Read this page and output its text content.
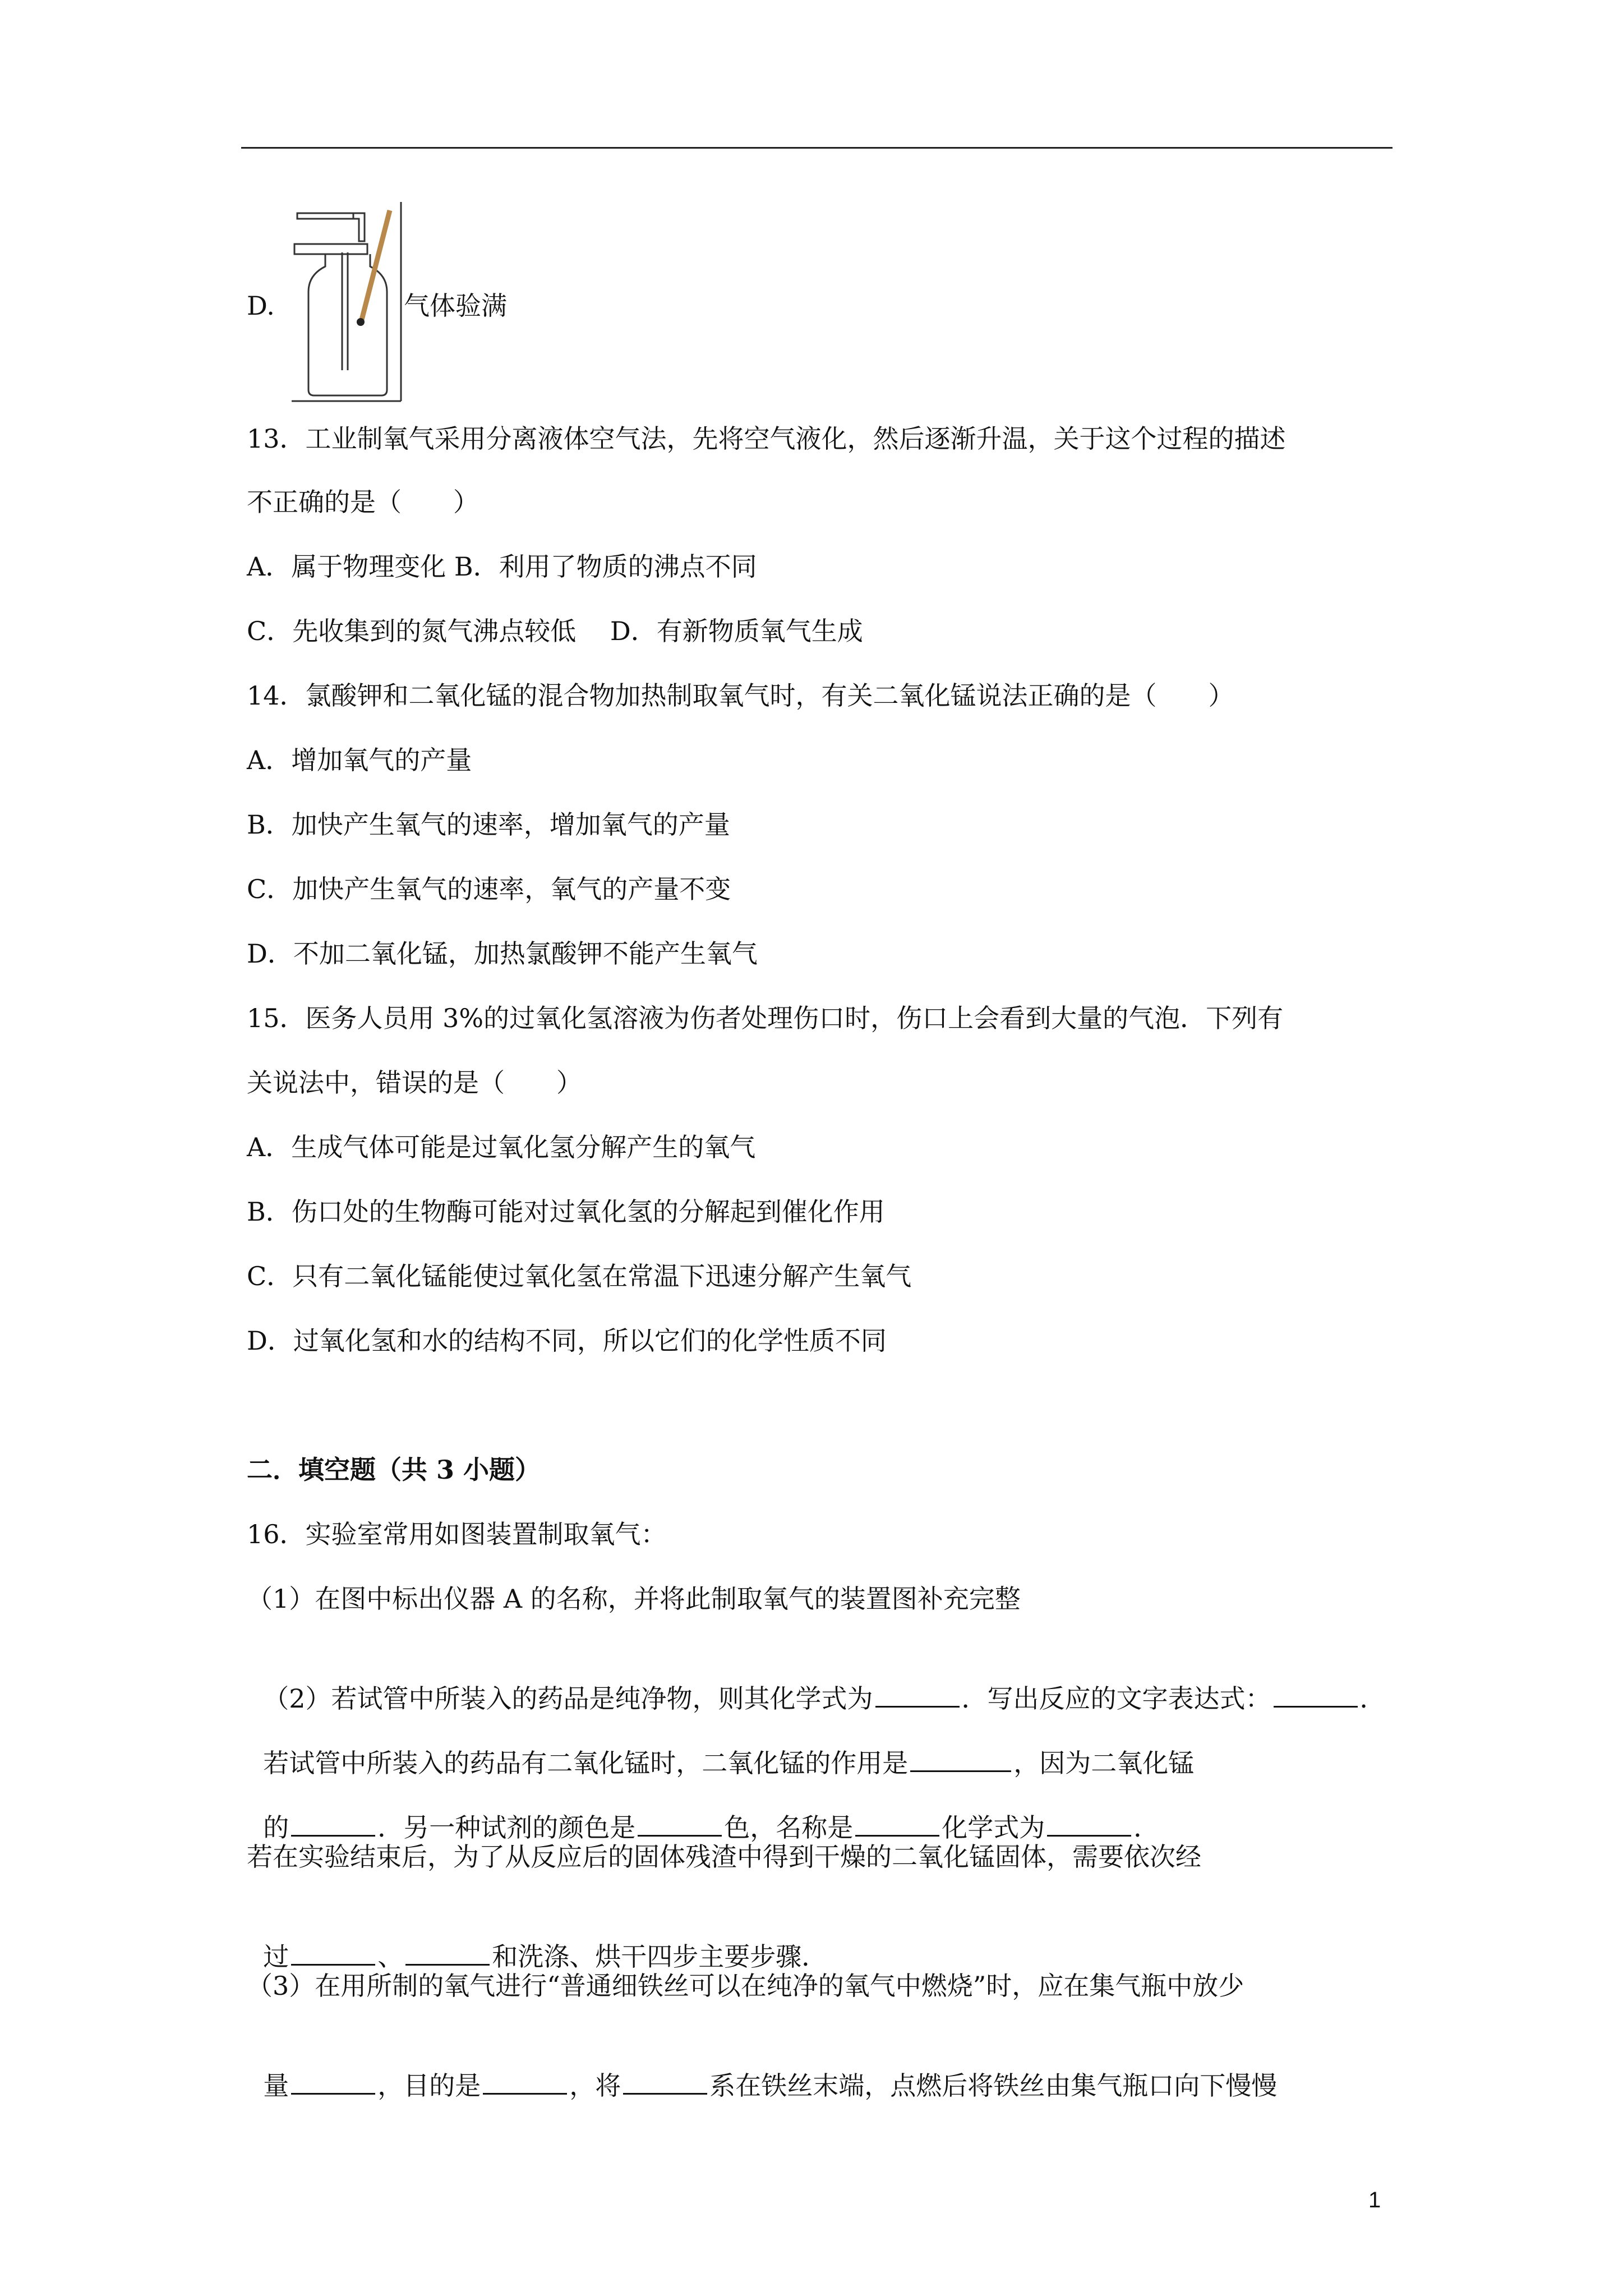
D.	气体验满
13．工业制氧气采用分离液体空气法，先将空气液化，然后逐渐升温，关于这个过程的描述
不正确的是（　　）
A．属于物理变化 B．利用了物质的沸点不同
C．先收集到的氮气沸点较低　 D．有新物质氧气生成
14．氯酸钾和二氧化锰的混合物加热制取氧气时，有关二氧化锰说法正确的是（　　）
A．增加氧气的产量
B．加快产生氧气的速率，增加氧气的产量
C．加快产生氧气的速率，氧气的产量不变
D．不加二氧化锰，加热氯酸钾不能产生氧气
15．医务人员用 3%的过氧化氢溶液为伤者处理伤口时，伤口上会看到大量的气泡．下列有
关说法中，错误的是（　　）
A．生成气体可能是过氧化氢分解产生的氧气
B．伤口处的生物酶可能对过氧化氢的分解起到催化作用
C．只有二氧化锰能使过氧化氢在常温下迅速分解产生氧气
D．过氧化氢和水的结构不同，所以它们的化学性质不同
二．填空题（共 3 小题）
16．实验室常用如图装置制取氧气：
（1）在图中标出仪器 A 的名称，并将此制取氧气的装置图补充完整

（2）若试管中所装入的药品是纯净物，则其化学式为	．写出反应的文字表达式：	．

若试管中所装入的药品有二氧化锰时，二氧化锰的作用是	，因为二氧化锰

的	．另一种试剂的颜色是	色，名称是	化学式为	．

若在实验结束后，为了从反应后的固体残渣中得到干燥的二氧化锰固体，需要依次经

过	、	和洗涤、烘干四步主要步骤．

（3）在用所制的氧气进行“普通细铁丝可以在纯净的氧气中燃烧”时，应在集气瓶中放少

量	，目的是	，将	系在铁丝末端，点燃后将铁丝由集气瓶口向下慢慢

1
